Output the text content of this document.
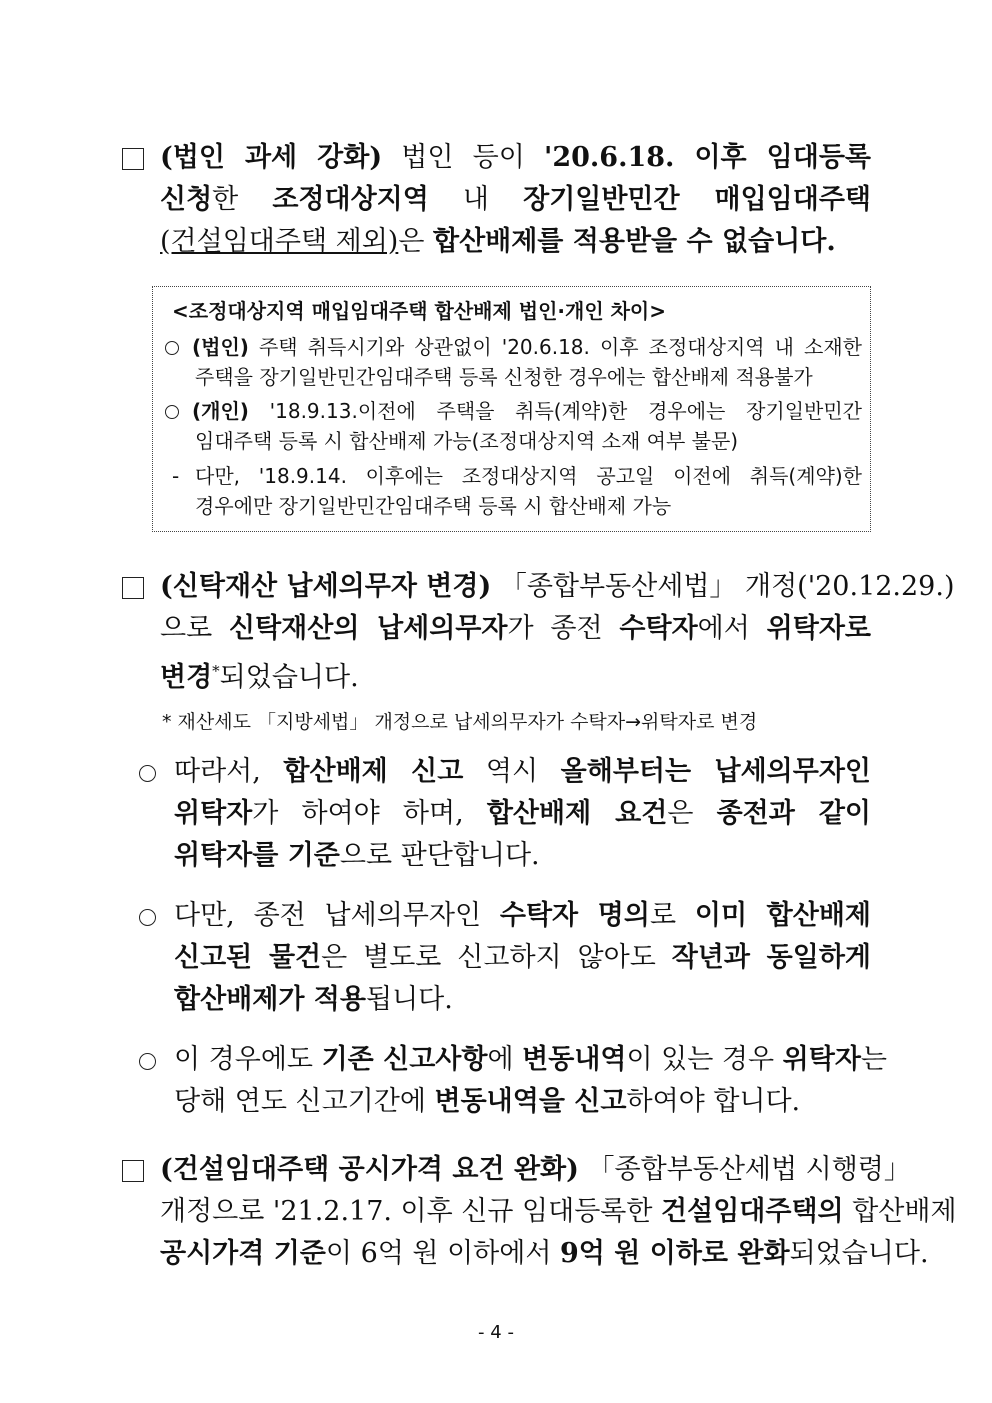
(법인 과세 강화) 법인 등이 '20.6.18. 이후 임대등록
신청한 조정대상지역 내 장기일반민간 매입임대주택
(건설임대주택 제외)은 합산배제를 적용받을 수 없습니다.
<조정대상지역 매입임대주택 합산배제 법인·개인 차이>
(법인) 주택 취득시기와 상관없이 '20.6.18. 이후 조정대상지역 내 소재한
주택을 장기일반민간임대주택 등록 신청한 경우에는 합산배제 적용불가
(개인) '18.9.13.이전에 주택을 취득(계약)한 경우에는 장기일반민간
임대주택 등록 시 합산배제 가능(조정대상지역 소재 여부 불문)
- 다만, '18.9.14. 이후에는 조정대상지역 공고일 이전에 취득(계약)한
경우에만 장기일반민간임대주택 등록 시 합산배제 가능
(신탁재산 납세의무자 변경) 「종합부동산세법」 개정('20.12.29.)
으로 신탁재산의 납세의무자가 종전 수탁자에서 위탁자로
변경*되었습니다.
* 재산세도 「지방세법」 개정으로 납세의무자가 수탁자→위탁자로 변경
따라서, 합산배제 신고 역시 올해부터는 납세의무자인
위탁자가 하여야 하며, 합산배제 요건은 종전과 같이
위탁자를 기준으로 판단합니다.
다만, 종전 납세의무자인 수탁자 명의로 이미 합산배제
신고된 물건은 별도로 신고하지 않아도 작년과 동일하게
합산배제가 적용됩니다.
이 경우에도 기존 신고사항에 변동내역이 있는 경우 위탁자는
당해 연도 신고기간에 변동내역을 신고하여야 합니다.
(건설임대주택 공시가격 요건 완화) 「종합부동산세법 시행령」
개정으로 '21.2.17. 이후 신규 임대등록한 건설임대주택의 합산배제
공시가격 기준이 6억 원 이하에서 9억 원 이하로 완화되었습니다.
- 4 -
